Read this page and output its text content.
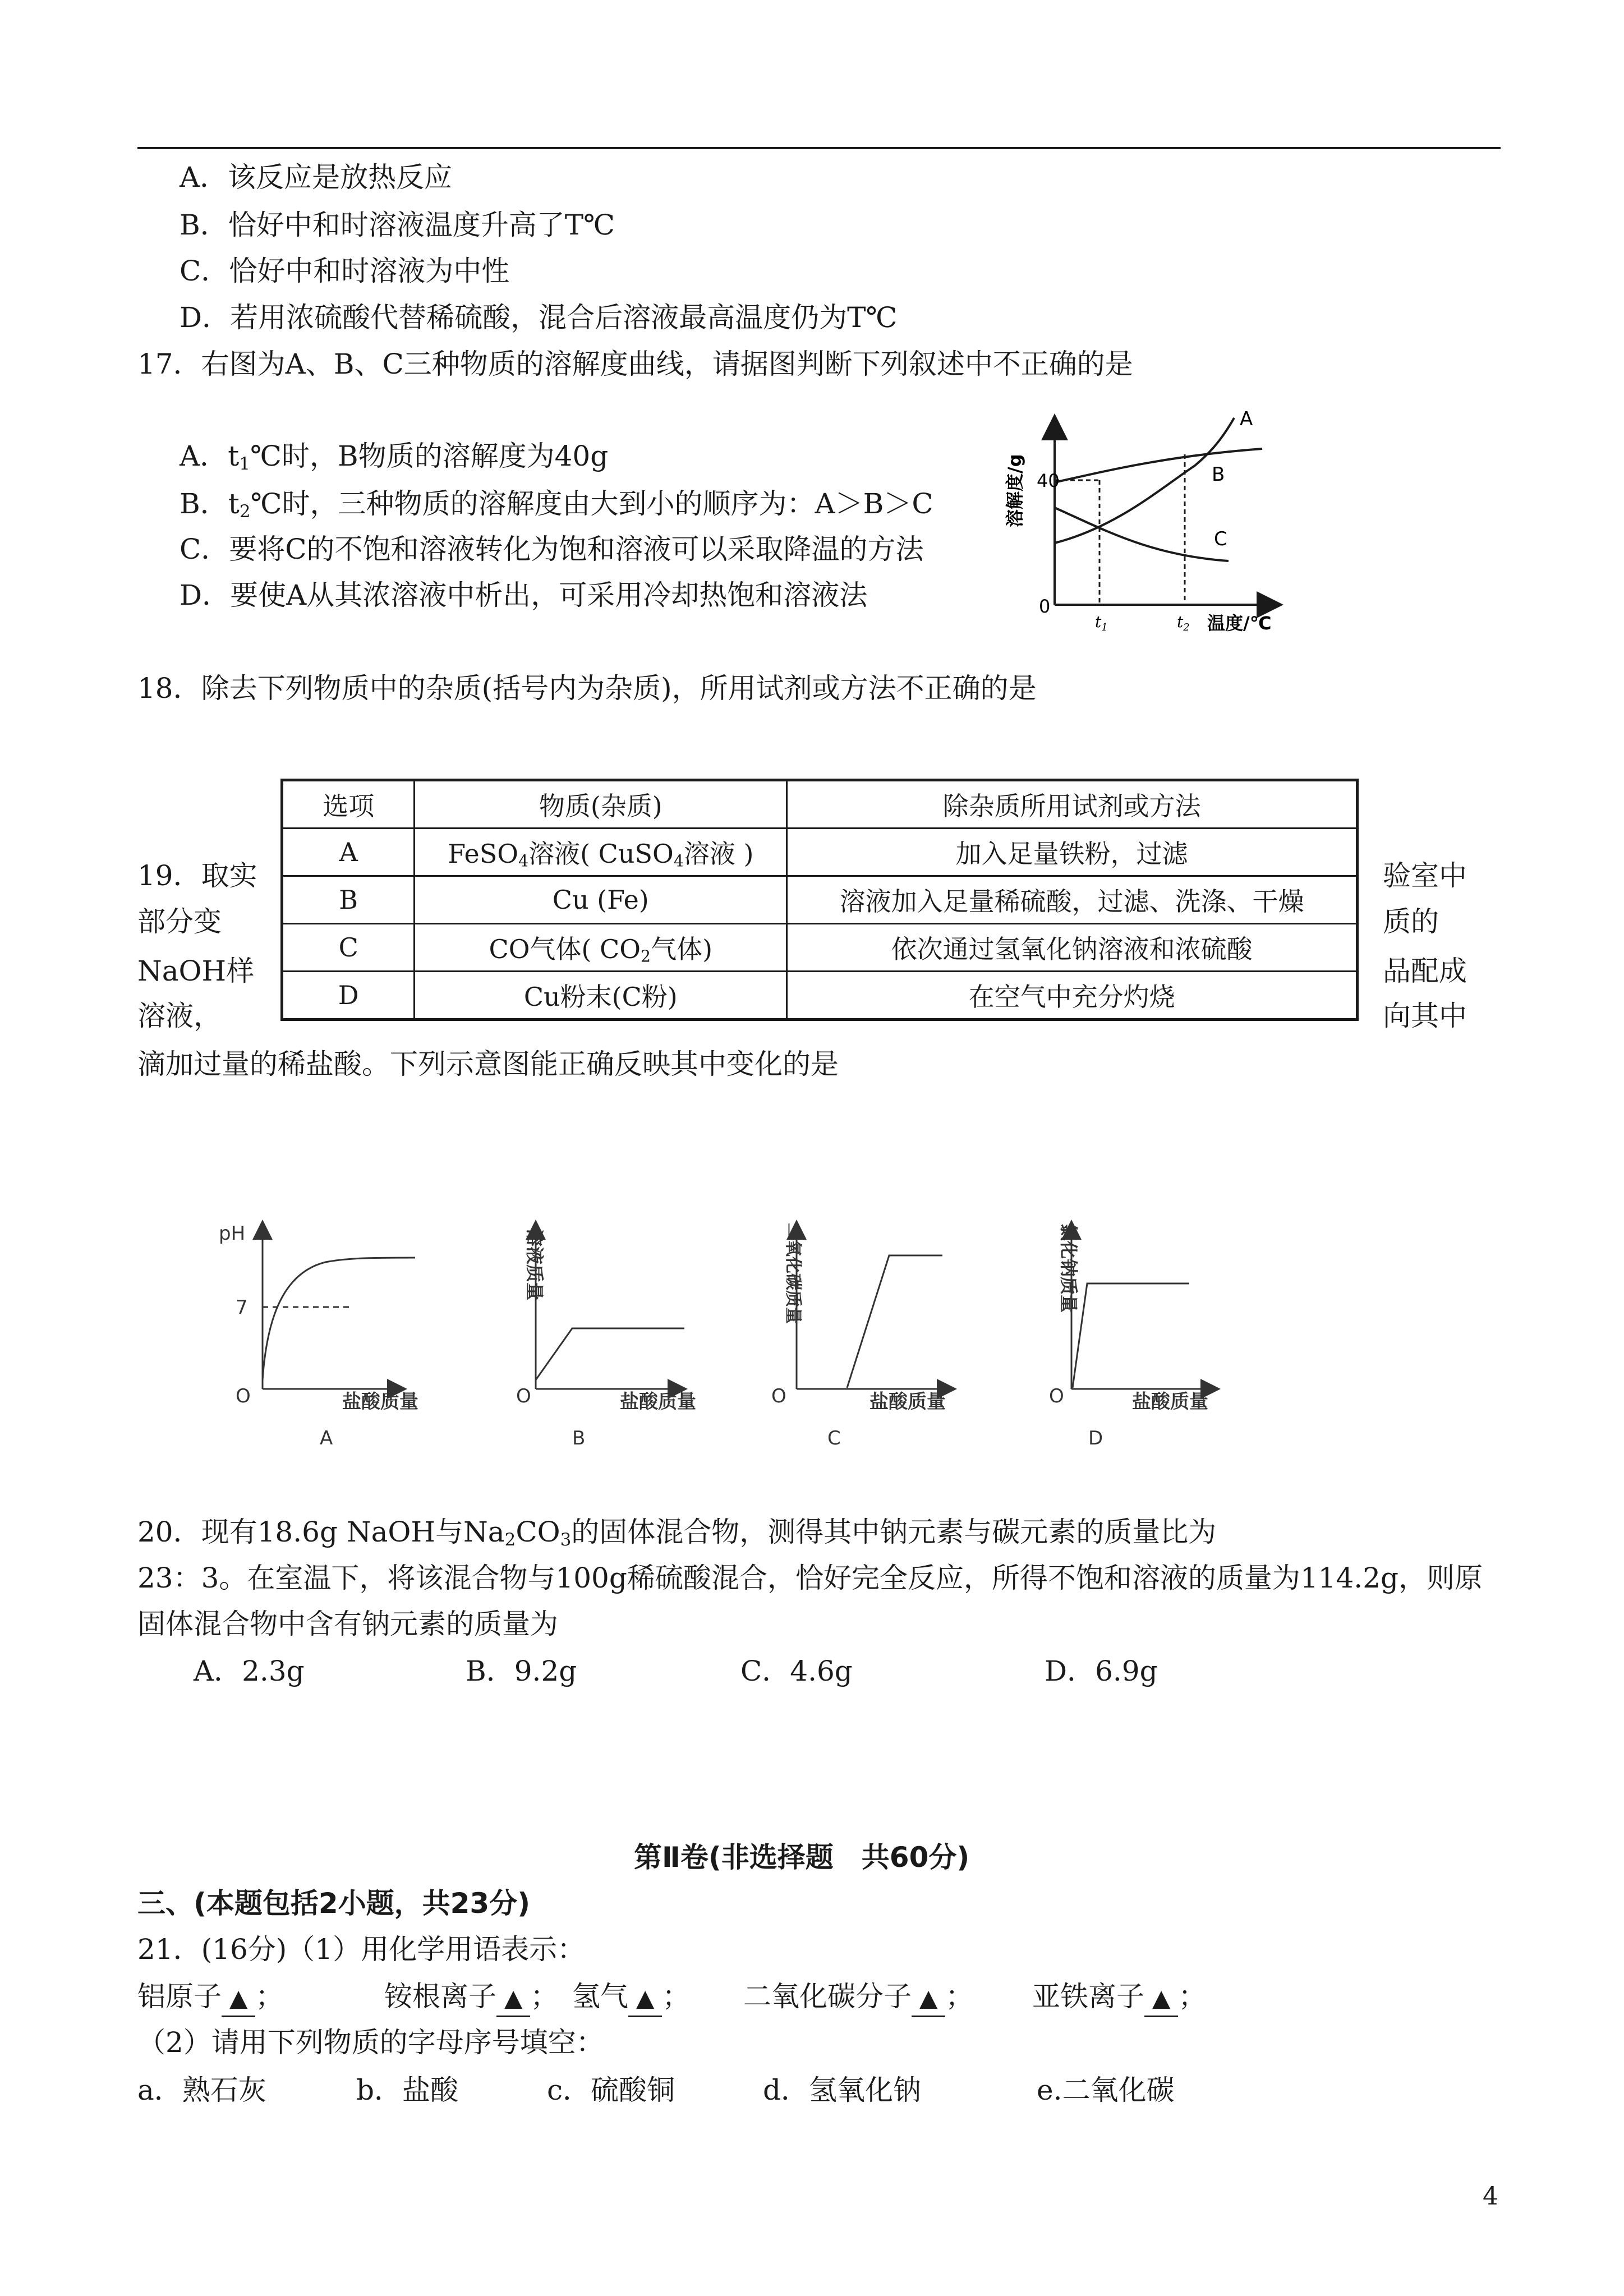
A．该反应是放热反应
B．恰好中和时溶液温度升高了T℃
C．恰好中和时溶液为中性
D．若用浓硫酸代替稀硫酸，混合后溶液最高温度仍为T℃
17．右图为A、B、C三种物质的溶解度曲线，请据图判断下列叙述中不正确的是
A．$t_1℃$时，B物质的溶解度为40g
B．$t_2℃$时，三种物质的溶解度由大到小的顺序为：A＞B＞C
C．要将C的不饱和溶液转化为饱和溶液可以采取降温的方法
D．要使A从其浓溶液中析出，可采用冷却热饱和溶液法
40
0
A
B
C
$t_1$	$t_2$ 温度/℃
溶解度/g
18．除去下列物质中的杂质(括号内为杂质)，所用试剂或方法不正确的是
选项	物质(杂质)	除杂质所用试剂或方法
A	FeSO$_4$溶液( CuSO$_4$溶液 )	加入足量铁粉，过滤
B	Cu (Fe)	溶液加入足量稀硫酸，过滤、洗涤、干燥
C	CO气体( $CO_2$气体)	依次通过氢氧化钠溶液和浓硫酸
D	Cu粉末(C粉)	在空气中充分灼烧
19．取实
部分变
NaOH样
溶液，
验室中
质的
品配成
向其中
滴加过量的稀盐酸。下列示意图能正确反映其中变化的是
pH
7
O	盐酸质量
A
O
溶液质量
盐酸质量
B
O
二氧化碳质量
盐酸质量
C
O
氯化钠质量
盐酸质量
D
20．现有18.6g NaOH与$Na_2CO_3$的固体混合物，测得其中钠元素与碳元素的质量比为
23：3。在室温下，将该混合物与100g稀硫酸混合，恰好完全反应，所得不饱和溶液的质量为114.2g，则原
固体混合物中含有钠元素的质量为
A．2.3g	B．9.2g	C．4.6g	D．6.9g
第Ⅱ卷(非选择题　共60分)
三、(本题包括2小题，共23分)
21．(16分)（1）用化学用语表示：
铝原子 ▲ ；	铵根离子 ▲ ； 氢气 ▲ ； 二氧化碳分子 ▲ ； 亚铁离子 ▲ ；
（2）请用下列物质的字母序号填空：
a．熟石灰	b．盐酸	c．硫酸铜	d．氢氧化钠	e.二氧化碳
4
